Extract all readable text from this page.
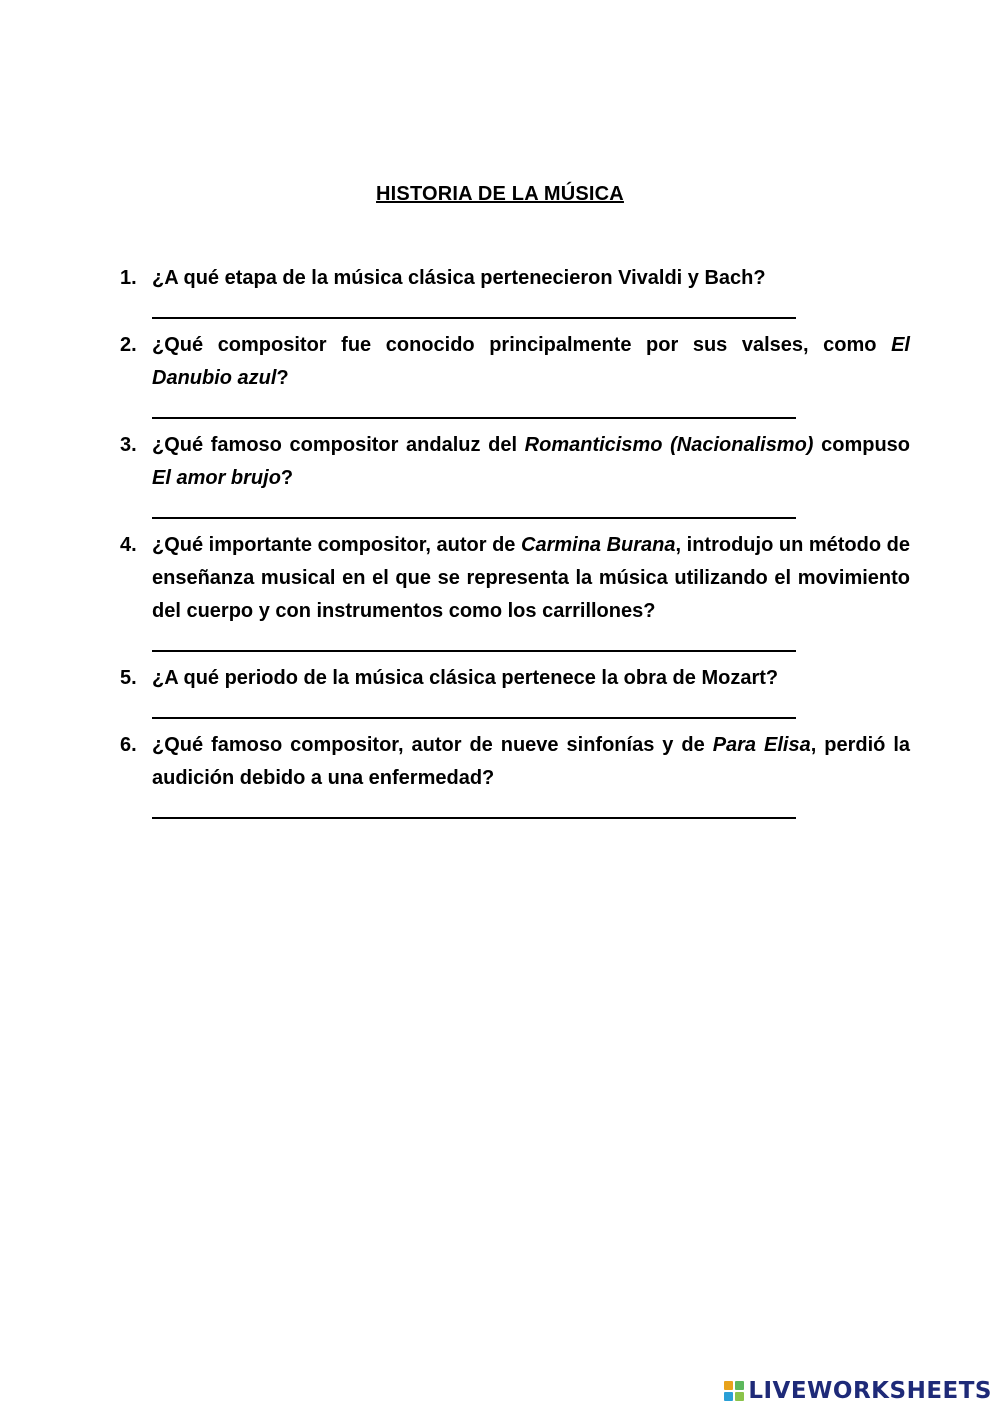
HISTORIA DE LA MÚSICA
1. ¿A qué etapa de la música clásica pertenecieron Vivaldi y Bach?
2. ¿Qué compositor fue conocido principalmente por sus valses, como El Danubio azul?
3. ¿Qué famoso compositor andaluz del Romanticismo (Nacionalismo) compuso El amor brujo?
4. ¿Qué importante compositor, autor de Carmina Burana, introdujo un método de enseñanza musical en el que se representa la música utilizando el movimiento del cuerpo y con instrumentos como los carrillones?
5. ¿A qué periodo de la música clásica pertenece la obra de Mozart?
6. ¿Qué famoso compositor, autor de nueve sinfonías y de Para Elisa, perdió la audición debido a una enfermedad?
LIVEWORKSHEETS
